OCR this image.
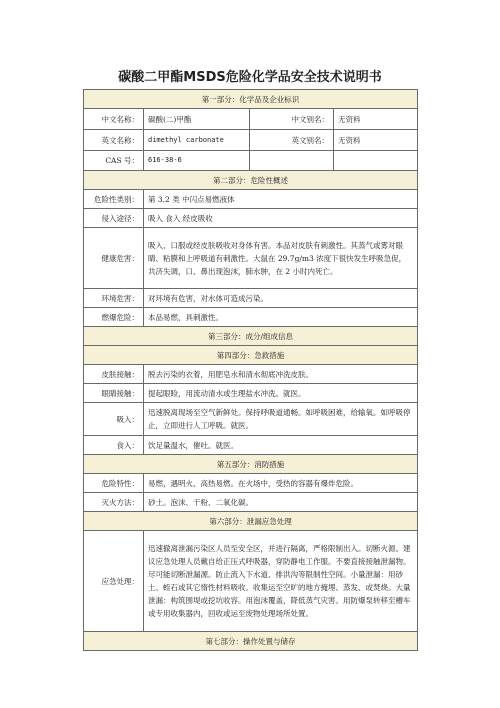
碳酸二甲酯MSDS危险化学品安全技术说明书
第一部分：化学品及企业标识			
中文名称：	碳酸(二)甲酯	中文别名：	无资料
英文名称：	dimethyl carbonate	英文别名：	无资料
CAS 号：	616-38-6		
第二部分：危险性概述			
危险性类别：	第 3.2 类 中闪点易燃液体		
侵入途径：	吸入 食入 经皮吸收		
健康危害：	吸入、口服或经皮肤吸收对身体有害。本品对皮肤有刺激性。其蒸气或雾对眼睛、粘膜和上呼吸道有刺激性。大鼠在 29.7g/m3 浓度下很快发生呼吸急促，共济失调，口、鼻出现泡沫，肺水肿，在 2 小时内死亡。		
环境危害：	对环境有危害，对水体可造成污染。		
燃爆危险：	本品易燃，具刺激性。		
第三部分：成分/组成信息			
第四部分：急救措施			
皮肤接触：	脱去污染的衣着，用肥皂水和清水彻底冲洗皮肤。		
眼睛接触：	提起眼睑，用流动清水或生理盐水冲洗。就医。		
吸入：	迅速脱离现场至空气新鲜处。保持呼吸道通畅。如呼吸困难，给输氧。如呼吸停止，立即进行人工呼吸。就医。		
食入：	饮足量温水，催吐。就医。		
第五部分：消防措施			
危险特性：	易燃，遇明火、高热易燃。在火场中，受热的容器有爆炸危险。		
灭火方法：	砂土。泡沫、干粉、二氧化碳。		
第六部分：泄漏应急处理			
应急处理：	迅速撤离泄漏污染区人员至安全区，并进行隔离，严格限制出入。切断火源。建议应急处理人员戴自给正压式呼吸器，穿防静电工作服。不要直接接触泄漏物。尽可能切断泄漏源。防止流入下水道、排洪沟等限制性空间。小量泄漏：用砂土、蛭石或其它惰性材料吸收。收集运至空旷的地方掩埋、蒸发、或焚烧。大量泄漏：构筑围堤或挖坑收容。用泡沫覆盖，降低蒸气灾害。用防爆泵转移至槽车或专用收集器内，回收或运至废物处理场所处置。		
第七部分：操作处置与储存			
